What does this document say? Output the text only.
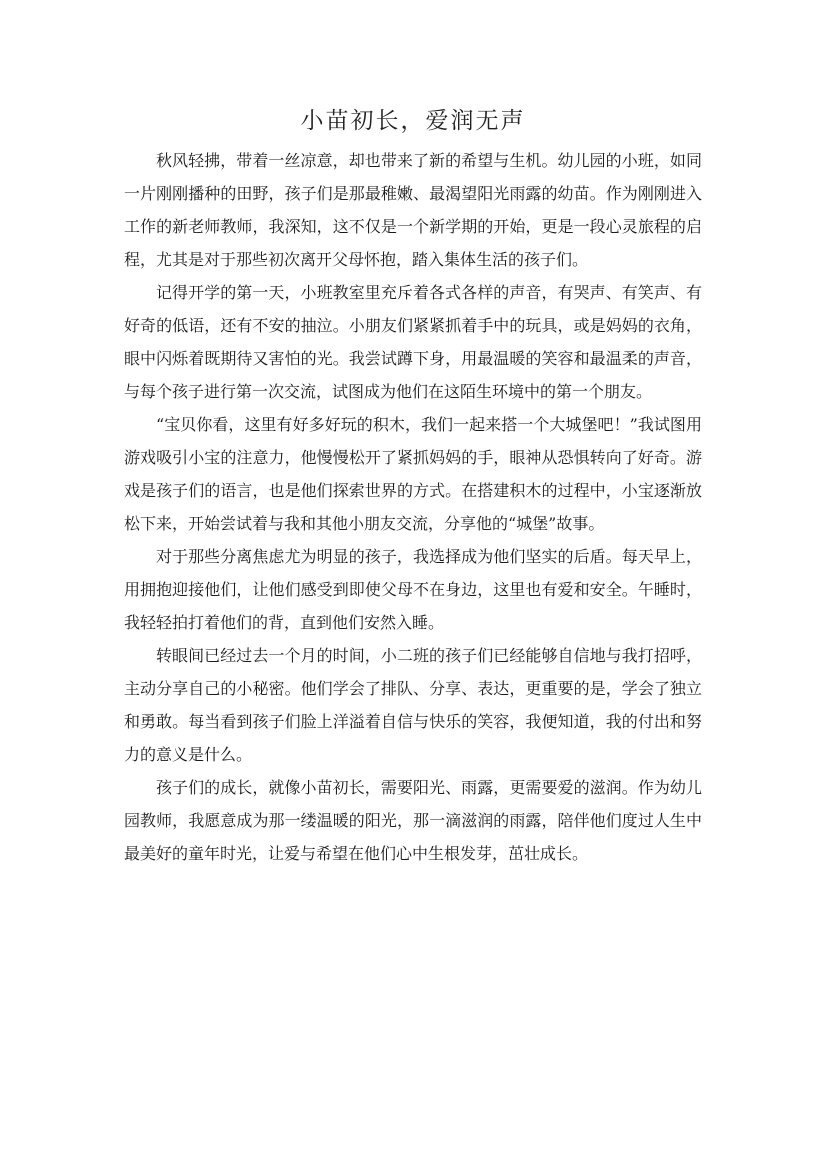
小苗初长，爱润无声

秋风轻拂，带着一丝凉意，却也带来了新的希望与生机。幼儿园的小班，如同一片刚刚播种的田野，孩子们是那最稚嫩、最渴望阳光雨露的幼苗。作为刚刚进入工作的新老师教师，我深知，这不仅是一个新学期的开始，更是一段心灵旅程的启程，尤其是对于那些初次离开父母怀抱，踏入集体生活的孩子们。

记得开学的第一天，小班教室里充斥着各式各样的声音，有哭声、有笑声、有好奇的低语，还有不安的抽泣。小朋友们紧紧抓着手中的玩具，或是妈妈的衣角，眼中闪烁着既期待又害怕的光。我尝试蹲下身，用最温暖的笑容和最温柔的声音，与每个孩子进行第一次交流，试图成为他们在这陌生环境中的第一个朋友。

“宝贝你看，这里有好多好玩的积木，我们一起来搭一个大城堡吧！”我试图用游戏吸引小宝的注意力，他慢慢松开了紧抓妈妈的手，眼神从恐惧转向了好奇。游戏是孩子们的语言，也是他们探索世界的方式。在搭建积木的过程中，小宝逐渐放松下来，开始尝试着与我和其他小朋友交流，分享他的“城堡”故事。

对于那些分离焦虑尤为明显的孩子，我选择成为他们坚实的后盾。每天早上，用拥抱迎接他们，让他们感受到即使父母不在身边，这里也有爱和安全。午睡时，我轻轻拍打着他们的背，直到他们安然入睡。

转眼间已经过去一个月的时间，小二班的孩子们已经能够自信地与我打招呼，主动分享自己的小秘密。他们学会了排队、分享、表达，更重要的是，学会了独立和勇敢。每当看到孩子们脸上洋溢着自信与快乐的笑容，我便知道，我的付出和努力的意义是什么。

孩子们的成长，就像小苗初长，需要阳光、雨露，更需要爱的滋润。作为幼儿园教师，我愿意成为那一缕温暖的阳光，那一滴滋润的雨露，陪伴他们度过人生中最美好的童年时光，让爱与希望在他们心中生根发芽，茁壮成长。
